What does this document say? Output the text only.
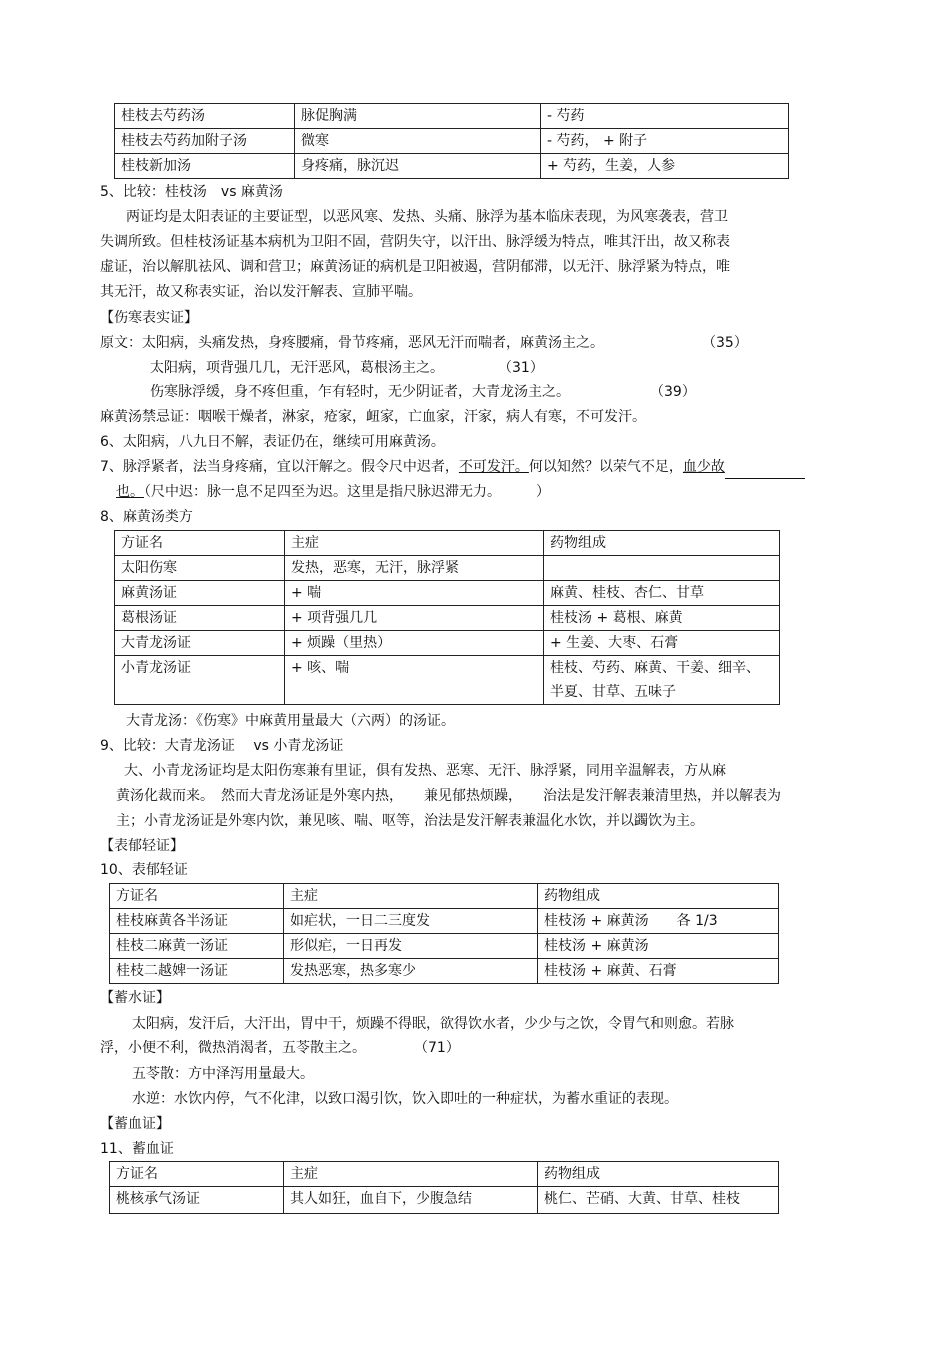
桂枝去芍药汤	脉促胸满	- 芍药
桂枝去芍药加附子汤	微寒	- 芍药， + 附子
桂枝新加汤	身疼痛，脉沉迟	+ 芍药，生姜，人参
5、比较：桂枝汤　vs 麻黄汤
两证均是太阳表证的主要证型，以恶风寒、发热、头痛、脉浮为基本临床表现，为风寒袭表，营卫
失调所致。但桂枝汤证基本病机为卫阳不固，营阴失守，以汗出、脉浮缓为特点，唯其汗出，故又称表
虚证，治以解肌祛风、调和营卫；麻黄汤证的病机是卫阳被遏，营阴郁滞，以无汗、脉浮紧为特点，唯
其无汗，故又称表实证，治以发汗解表、宣肺平喘。
【伤寒表实证】
原文：太阳病，头痛发热，身疼腰痛，骨节疼痛，恶风无汗而喘者，麻黄汤主之。	（35）
太阳病，项背强几几，无汗恶风，葛根汤主之。	（31）
伤寒脉浮缓，身不疼但重，乍有轻时，无少阴证者，大青龙汤主之。	（39）
麻黄汤禁忌证：咽喉干燥者，淋家，疮家，衄家，亡血家，汗家，病人有寒，不可发汗。
6、太阳病，八九日不解，表证仍在，继续可用麻黄汤。
7、脉浮紧者，法当身疼痛，宜以汗解之。假令尺中迟者，不可发汗。何以知然？以荣气不足，血少故
也。（尺中迟：脉一息不足四至为迟。这里是指尺脉迟滞无力。	）
8、麻黄汤类方
方证名	主症	药物组成
太阳伤寒	发热，恶寒，无汗，脉浮紧	
麻黄汤证	+ 喘	麻黄、桂枝、杏仁、甘草
葛根汤证	+ 项背强几几	桂枝汤 + 葛根、麻黄
大青龙汤证	+ 烦躁（里热）	+ 生姜、大枣、石膏
小青龙汤证	+ 咳、喘	桂枝、芍药、麻黄、干姜、细辛、半夏、甘草、五味子
大青龙汤：《伤寒》中麻黄用量最大（六两）的汤证。
9、比较：大青龙汤证　 vs 小青龙汤证
大、小青龙汤证均是太阳伤寒兼有里证，俱有发热、恶寒、无汗、脉浮紧，同用辛温解表，方从麻
黄汤化裁而来。　然而大青龙汤证是外寒内热，　　兼见郁热烦躁，　　治法是发汗解表兼清里热，并以解表为
主；小青龙汤证是外寒内饮，兼见咳、喘、呕等，治法是发汗解表兼温化水饮，并以蠲饮为主。
【表郁轻证】
10、表郁轻证
方证名	主症	药物组成
桂枝麻黄各半汤证	如疟状，一日二三度发	桂枝汤 + 麻黄汤　　各 1/3
桂枝二麻黄一汤证	形似疟，一日再发	桂枝汤 + 麻黄汤
桂枝二越婢一汤证	发热恶寒，热多寒少	桂枝汤 + 麻黄、石膏
【蓄水证】
太阳病，发汗后，大汗出，胃中干，烦躁不得眠，欲得饮水者，少少与之饮，令胃气和则愈。若脉
浮，小便不利，微热消渴者，五苓散主之。	（71）
五苓散：方中泽泻用量最大。
水逆：水饮内停，气不化津，以致口渴引饮，饮入即吐的一种症状，为蓄水重证的表现。
【蓄血证】
11、蓄血证
方证名	主症	药物组成
桃核承气汤证	其人如狂，血自下，少腹急结	桃仁、芒硝、大黄、甘草、桂枝
